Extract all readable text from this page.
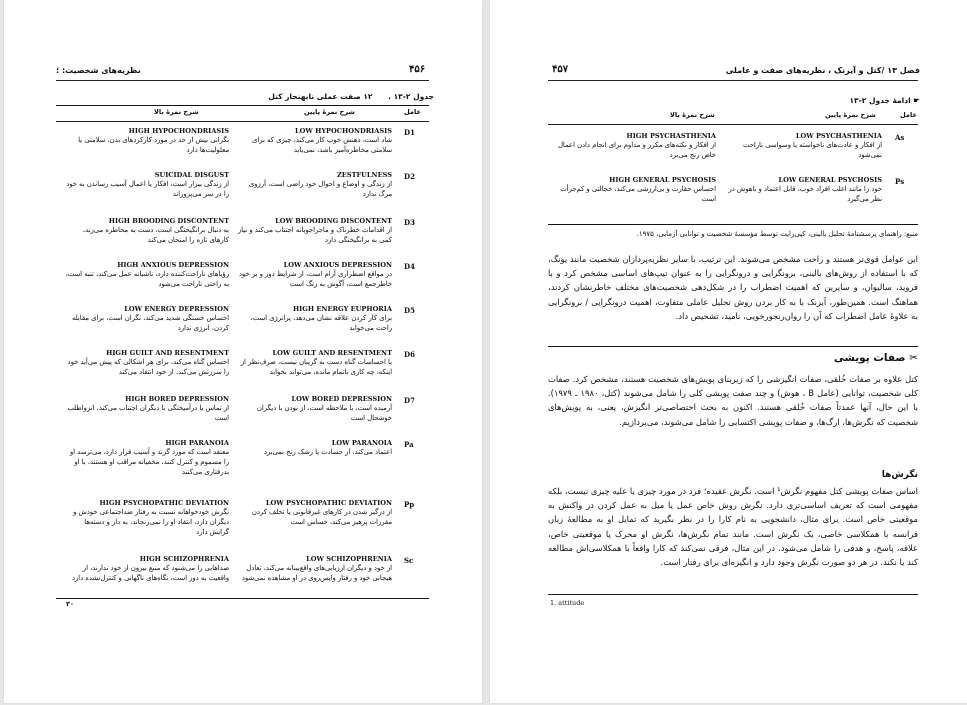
۴۵۶
نظریه‌های شخصیت: ؛
جدول ۲-۱۳ .      ۱۲ صفت عملی نابهنجار کتل
عامل
شرح نمرهٔ پایین
شرح نمرهٔ بالا
D1
LOW HYPOCHONDRIASIS
شاد است، ذهنش خوب کار می‌کند، چیزی که برای سلامتی مخاطره‌آمیز باشد، نمی‌یابد
HIGH HYPOCHONDRIASIS
نگرانی بیش از حد در مورد کارکردهای بدن، سلامتی یا معلولیت‌ها دارد
D2
ZESTFULNESS
از زندگی و اوضاع و احوال خود راضی است، آرزوی مرگ ندارد
SUICIDAL DISGUST
از زندگی بیزار است، افکار یا اعمال آسیب رساندن به خود را در سر می‌پروراند
D3
LOW BROODING DISCONTENT
از اقدامات خطرناک و ماجراجویانه اجتناب می‌کند و نیاز کمی به برانگیختگی دارد
HIGH BROODING DISCONTENT
به دنبال برانگیختگی است، دست به مخاطره می‌زند، کارهای تازه را امتحان می‌کند
D4
LOW ANXIOUS DEPRESSION
در مواقع اضطراری آرام است، از شرایط دور و بر خود خاطرجمع است، آگوش به زنگ است
HIGH ANXIOUS DEPRESSION
رؤیاهای ناراحت‌کننده دارد، ناشیانه عمل می‌کند، تنبه است، به راحتی ناراحت می‌شود
D5
HIGH ENERGY EUPHORIA
برای کار کردن علاقه نشان می‌دهد، پرانرژی است، راحت می‌خوابد
LOW ENERGY DEPRESSION
احساس خستگی شدید می‌کند، نگران است، برای مقابله کردن، انرژی ندارد
D6
LOW GUILT AND RESENTMENT
با احساسات گناه دست به گریبان نیست، صرف‌نظر از اینکه، چه کاری ناتمام مانده، می‌تواند بخوابد
HIGH GUILT AND RESENTMENT
احساس گناه می‌کند، برای هر اشکالی که پیش می‌آید خود را سرزنش می‌کند، از خود انتقاد می‌کند
D7
LOW BORED DEPRESSION
آرمیده است، با ملاحظه است، از بودن با دیگران خوشحال است
HIGH BORED DEPRESSION
از تماس با درآمیختگی با دیگران اجتناب می‌کند، انزواطلب است
Pa
LOW PARANOIA
اعتماد می‌کند، از حسادت یا رشک رنج نمی‌برد
HIGH PARANOIA
معتقد است که مورد گزند و آسیب قرار دارد، می‌ترسد او را مسموم و کنترل کنند، مخفیانه مراقب او هستند، با او بدرفتاری می‌کنند
Pp
LOW PSYCHOPATHIC DEVIATION
از درگیر شدن در کارهای غیرقانونی یا تخلف کردن مقررات پرهیز می‌کند، حساس است
HIGH PSYCHOPATHIC DEVIATION
نگرش خودخواهانه نسبت به رفتار ضداجتماعی خودش و دیگران دارد، انتقاد او را نمی‌رنجاند، به دار و دسته‌ها گرایش دارد
Sc
LOW SCHIZOPHRENIA
از خود و دیگران ارزیابی‌های واقع‌بینانه می‌کند، تعادل هیجانی خود و رفتار واپس‌روی در او مشاهده نمی‌شود
HIGH SCHIZOPHRENIA
صداهایی را می‌شنود که منبع بیرون از خود ندارند، از واقعیت به دور است، نگاه‌های ناگهانی و کنترل‌نشده دارد
۳۰
۴۵۷	فصل ۱۳ /کتل و آیزنک ، نظریه‌های صفت و عاملی
☛ ادامهٔ جدول ۲-۱۳
عامل
شرح نمرهٔ پایین
شرح نمرهٔ بالا
As
LOW PSYCHASTHENIA
از افکار و عادت‌های ناخواسته یا وسواسی ناراحت نمی‌شود
HIGH PSYCHASTHENIA
از افکار و نکته‌های مکرر و مداوم برای انجام دادن اعمال خاص رنج می‌برد
Ps
LOW GENERAL PSYCHOSIS
خود را مانند اغلب افراد خوب، قابل اعتماد و باهوش در نظر می‌گیرد
HIGH GENERAL PSYCHOSIS
احساس حقارت و بی‌ارزشی می‌کند، خجالتی و کم‌جرأت است
منبع: راهنمای پرسشنامهٔ تحلیل بالینی، کپی‌رایت توسط مؤسسهٔ شخصیت و توانایی آزمایی، ۱۹۷۵.
این عوامل قوی‌تر هستند و راحت مشخص می‌شوند. این ترتیب، با سایر نظریه‌پردازان شخصیت مانند یونگ، که با استفاده از روش‌های بالینی، برونگرایی و درونگرایی را به عنوان تیپ‌های اساسی مشخص کرد و با فروید، سالیوان، و سایرین که اهمیت اضطراب را در شکل‌دهی شخصیت‌های مختلف خاطرنشان کردند، هماهنگ است. همین‌طور، آیزنک با به کار بردن روش تحلیل عاملی متفاوت، اهمیت درونگرایی / برونگرایی به علاوهٔ عامل اضطراب که آن را روان‌رنجورخویی، نامید، تشخیص داد.
✂ صفات پویشی
کتل علاوه بر صفات خُلقی، صفات انگیزشی را که زیربنای پویش‌های شخصیت هستند، مشخص کرد. صفات کلی شخصیت، توانایی (عامل B ، هوش) و چند صفت پویشی کلی را شامل می‌شوند (کتل، ۱۹۸۰ ـ ۱۹۷۹). با این حال، آنها عمدتاً صفات خُلقی هستند. اکنون به بحث اختصاصی‌تر انگیزش، یعنی، به پویش‌های شخصیت که نگرش‌ها، ارگ‌ها، و صفات پویشی اکتسابی را شامل می‌شوند، می‌پردازیم.
نگرش‌ها
اساس صفات پویشی کتل مفهوم نگرش¹ است. نگرش عقیده؛ فرد در مورد چیزی یا علیه چیزی نیست، بلکه مفهومی است که تعریف اساسی‌تری دارد. نگرش روش خاص عمل یا میل به عمل کردن در واکنش به موقعیتی خاص است. برای مثال، دانشجویی به نام کارا را در نظر بگیرید که تمایل او به مطالعهٔ زبان فرانسه با همکلاسی خاصی، یک نگرش است. مانند تمام نگرش‌ها، نگرش او محرک یا موقعیتی خاص، علاقه، پاسخ، و هدفی را شامل می‌شود. در این مثال، فرقی نمی‌کند که کارا واقعاً با همکلاسی‌اش مطالعه کند یا نکند. در هر دو صورت نگرش وجود دارد و انگیزه‌ای برای رفتار است.
1. attitude
